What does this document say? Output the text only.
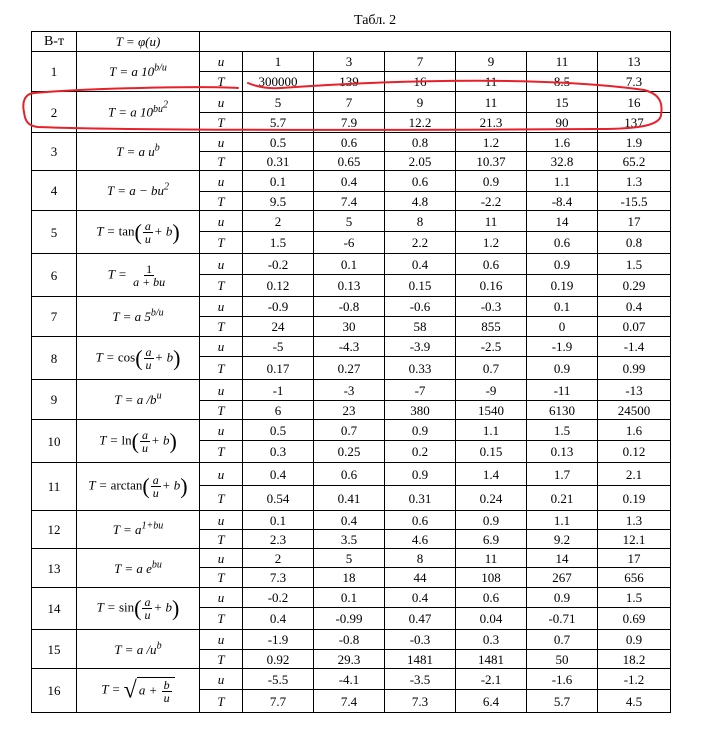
Табл. 2
В-т	T = φ(u)							
1	T = a $10^{b/u}$	u	1	3	7	9	11	13
		T	300000	139	16	11	8.5	7.3
2	T = a $10^{bu^2}$	u	5	7	9	11	15	16
		T	5.7	7.9	12.2	21.3	90	137
3	T = a $u^b$	u	0.5	0.6	0.8	1.2	1.6	1.9
		T	0.31	0.65	2.05	10.37	32.8	65.2
4	$T = a - bu^2$	u	0.1	0.4	0.6	0.9	1.1	1.3
		T	9.5	7.4	4.8	-2.2	-8.4	-15.5
5	$T = \tan( \frac{a}{u} + b)$	u	2	5	8	11	14	17
		T	1.5	-6	2.2	1.2	0.6	0.8
6	$T = \frac{1}{a + bu}$	u	-0.2	0.1	0.4	0.6	0.9	1.5
		T	0.12	0.13	0.15	0.16	0.19	0.29
7	T = a $5^{b/u}$	u	-0.9	-0.8	-0.6	-0.3	0.1	0.4
		T	24	30	58	855	0	0.07
8	$T = \cos( \frac{a}{u} + b)$	u	-5	-4.3	-3.9	-2.5	-1.9	-1.4
		T	0.17	0.27	0.33	0.7	0.9	0.99
9	T = a $/b^u$	u	-1	-3	-7	-9	-11	-13
		T	6	23	380	1540	6130	24500
10	$T = \ln( \frac{a}{u} + b)$	u	0.5	0.7	0.9	1.1	1.5	1.6
		T	0.3	0.25	0.2	0.15	0.13	0.12
11	$T = \arctan( \frac{a}{u} + b)$	u	0.4	0.6	0.9	1.4	1.7	2.1
		T	0.54	0.41	0.31	0.24	0.21	0.19
12	$T = a^{1+bu}$	u	0.1	0.4	0.6	0.9	1.1	1.3
		T	2.3	3.5	4.6	6.9	9.2	12.1
13	T = a $e^{bu}$	u	2	5	8	11	14	17
		T	7.3	18	44	108	267	656
14	$T = \sin( \frac{a}{u} + b)$	u	-0.2	0.1	0.4	0.6	0.9	1.5
		T	0.4	-0.99	0.47	0.04	-0.71	0.69
15	T = a $/u^b$	u	-1.9	-0.8	-0.3	0.3	0.7	0.9
		T	0.92	29.3	1481	1481	50	18.2
16	T = √ $a + \frac{b}{u}$	u	-5.5	-4.1	-3.5	-2.1	-1.6	-1.2
		T	7.7	7.4	7.3	6.4	5.7	4.5
